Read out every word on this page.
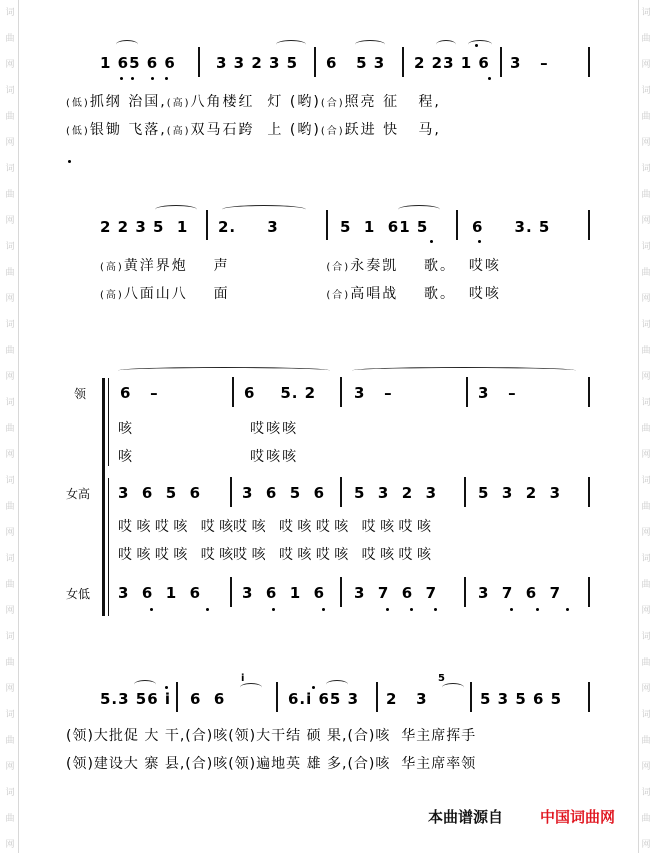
词
曲
网
词
曲
网
词
曲
网
词
曲
网
词
曲
网
词
曲
网
词
曲
网
词
曲
网
词
曲
网
词
曲
网
词
曲
网
词
曲
网
词
曲
网
词
曲
网
词
曲
网
词
曲
网
词
曲
网
词
曲
网
词
曲
网
词
曲
网
词
曲
网
词
曲
网
1 65 6 6	3 3 2 3 5 6   5 3 2 23 1 6 3   –
(低)抓纲 治国,(高)八角楼红  灯 (哟)(合)照亮 征   程,
(低)银锄 飞落,(高)双马石跨  上 (哟)(合)跃进 快   马,
2 2 3 5  1 2.     3	5  1  61 5	6     3. 5
(高)黄洋界炮    声	(合)永奏凯    歌。  哎咳
(高)八面山八    面	(合)高唱战    歌。  哎咳
领
女高
女低
6   –	6    5. 2	3   –	3   –
咳                  哎咳咳
咳                  哎咳咳
3  6  5  6	3  6  5  6 5  3  2  3	5  3  2  3
哎 咳 哎 咳   哎 咳哎 咳   哎 咳 哎 咳   哎 咳 哎 咳
哎 咳 哎 咳   哎 咳哎 咳   哎 咳 哎 咳   哎 咳 哎 咳
3  6  1  6	3  6  1  6 3  7  6  7	3  7  6  7
i	5
5.3 56 i 6  6	6.i 65 3 2   3	5 3 5 6 5
(领)大批促 大 干,(合)咳(领)大干结 硕 果,(合)咳  华主席挥手
(领)建设大 寨 县,(合)咳(领)遍地英 雄 多,(合)咳  华主席率领
本曲谱源自 中国词曲网
